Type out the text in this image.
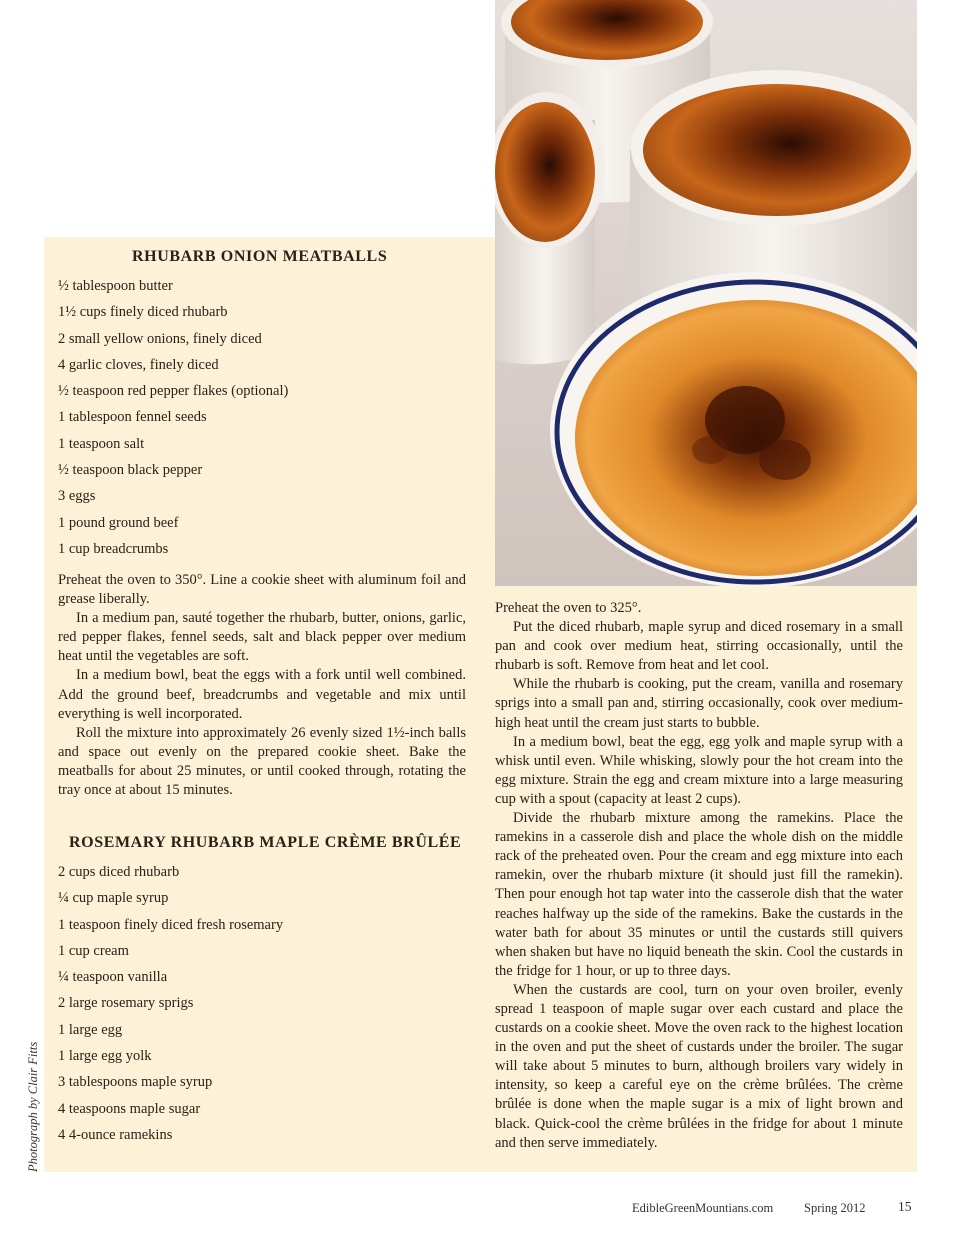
RHUBARB ONION MEATBALLS
½ tablespoon butter
1½ cups finely diced rhubarb
2 small yellow onions, finely diced
4 garlic cloves, finely diced
½ teaspoon red pepper flakes (optional)
1 tablespoon fennel seeds
1 teaspoon salt
½ teaspoon black pepper
3 eggs
1 pound ground beef
1 cup breadcrumbs

Preheat the oven to 350°. Line a cookie sheet with aluminum foil and grease liberally.

In a medium pan, sauté together the rhubarb, butter, onions, garlic, red pepper flakes, fennel seeds, salt and black pepper over medium heat until the vegetables are soft.

In a medium bowl, beat the eggs with a fork until well combined. Add the ground beef, breadcrumbs and vegetable and mix until everything is well incorporated.

Roll the mixture into approximately 26 evenly sized 1½-inch balls and space out evenly on the prepared cookie sheet. Bake the meatballs for about 25 minutes, or until cooked through, rotating the tray once at about 15 minutes.

ROSEMARY RHUBARB MAPLE CRÈME BRÛLÉE
2 cups diced rhubarb
¼ cup maple syrup
1 teaspoon finely diced fresh rosemary
1 cup cream
¼ teaspoon vanilla
2 large rosemary sprigs
1 large egg
1 large egg yolk
3 tablespoons maple syrup
4 teaspoons maple sugar
4 4-ounce ramekins

Preheat the oven to 325°.

Put the diced rhubarb, maple syrup and diced rosemary in a small pan and cook over medium heat, stirring occasionally, until the rhubarb is soft. Remove from heat and let cool.

While the rhubarb is cooking, put the cream, vanilla and rosemary sprigs into a small pan and, stirring occasionally, cook over medium-high heat until the cream just starts to bubble.

In a medium bowl, beat the egg, egg yolk and maple syrup with a whisk until even. While whisking, slowly pour the hot cream into the egg mixture. Strain the egg and cream mixture into a large measuring cup with a spout (capacity at least 2 cups).

Divide the rhubarb mixture among the ramekins. Place the ramekins in a casserole dish and place the whole dish on the middle rack of the preheated oven. Pour the cream and egg mixture into each ramekin, over the rhubarb mixture (it should just fill the ramekin). Then pour enough hot tap water into the casserole dish that the water reaches halfway up the side of the ramekins. Bake the custards in the water bath for about 35 minutes or until the custards still quivers when shaken but have no liquid beneath the skin. Cool the custards in the fridge for 1 hour, or up to three days.

When the custards are cool, turn on your oven broiler, evenly spread 1 teaspoon of maple sugar over each custard and place the custards on a cookie sheet. Move the oven rack to the highest location in the oven and put the sheet of custards under the broiler. The sugar will take about 5 minutes to burn, although broilers vary widely in intensity, so keep a careful eye on the crème brûlées. The crème brûlée is done when the maple sugar is a mix of light brown and black. Quick-cool the crème brûlées in the fridge for about 1 minute and then serve immediately.

Photograph by Clair Fitts
EdibleGreenMountians.com Spring 2012 15
